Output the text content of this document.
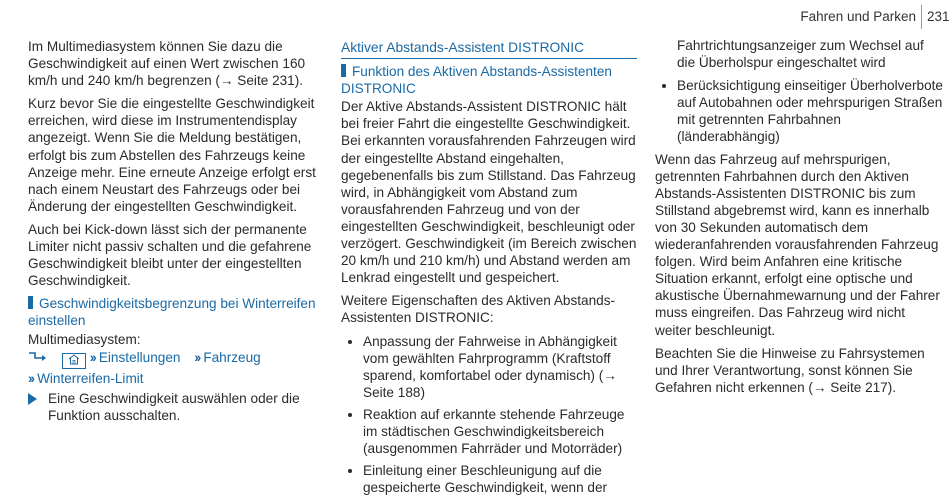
Fahren und Parken 231

Im Multimediasystem können Sie dazu die Geschwindigkeit auf einen Wert zwischen 160 km/h und 240 km/h begrenzen (→ Seite 231).

Kurz bevor Sie die eingestellte Geschwindigkeit erreichen, wird diese im Instrumentendisplay angezeigt. Wenn Sie die Meldung bestätigen, erfolgt bis zum Abstellen des Fahrzeugs keine Anzeige mehr. Eine erneute Anzeige erfolgt erst nach einem Neustart des Fahrzeugs oder bei Änderung der eingestellten Geschwindigkeit.

Auch bei Kick-down lässt sich der permanente Limiter nicht passiv schalten und die gefahrene Geschwindigkeit bleibt unter der eingestellten Geschwindigkeit.

Geschwindigkeitsbegrenzung bei Winterreifen einstellen
Multimediasystem:
›› Einstellungen ›› Fahrzeug
›› Winterreifen-Limit
Eine Geschwindigkeit auswählen oder die Funktion ausschalten.
Aktiver Abstands-Assistent DISTRONIC
Funktion des Aktiven Abstands-Assistenten DISTRONIC

Der Aktive Abstands-Assistent DISTRONIC hält bei freier Fahrt die eingestellte Geschwindigkeit. Bei erkannten vorausfahrenden Fahrzeugen wird der eingestellte Abstand eingehalten, gegebenenfalls bis zum Stillstand. Das Fahrzeug wird, in Abhängigkeit vom Abstand zum vorausfahrenden Fahrzeug und von der eingestellten Geschwindigkeit, beschleunigt oder verzögert. Geschwindigkeit (im Bereich zwischen 20 km/h und 210 km/h) und Abstand werden am Lenkrad eingestellt und gespeichert.

Weitere Eigenschaften des Aktiven Abstands-Assistenten DISTRONIC:

Anpassung der Fahrweise in Abhängigkeit vom gewählten Fahrprogramm (Kraftstoff sparend, komfortabel oder dynamisch) (→ Seite 188)
Reaktion auf erkannte stehende Fahrzeuge im städtischen Geschwindigkeitsbereich (ausgenommen Fahrräder und Motorräder)
Einleitung einer Beschleunigung auf die gespeicherte Geschwindigkeit, wenn der
Fahrtrichtungsanzeiger zum Wechsel auf die Überholspur eingeschaltet wird
Berücksichtigung einseitiger Überholverbote auf Autobahnen oder mehrspurigen Straßen mit getrennten Fahrbahnen (länderabhängig)

Wenn das Fahrzeug auf mehrspurigen, getrennten Fahrbahnen durch den Aktiven Abstands-Assistenten DISTRONIC bis zum Stillstand abgebremst wird, kann es innerhalb von 30 Sekunden automatisch dem wiederanfahrenden vorausfahrenden Fahrzeug folgen. Wird beim Anfahren eine kritische Situation erkannt, erfolgt eine optische und akustische Übernahmewarnung und der Fahrer muss eingreifen. Das Fahrzeug wird nicht weiter beschleunigt.

Beachten Sie die Hinweise zu Fahrsystemen und Ihrer Verantwortung, sonst können Sie Gefahren nicht erkennen (→ Seite 217).
